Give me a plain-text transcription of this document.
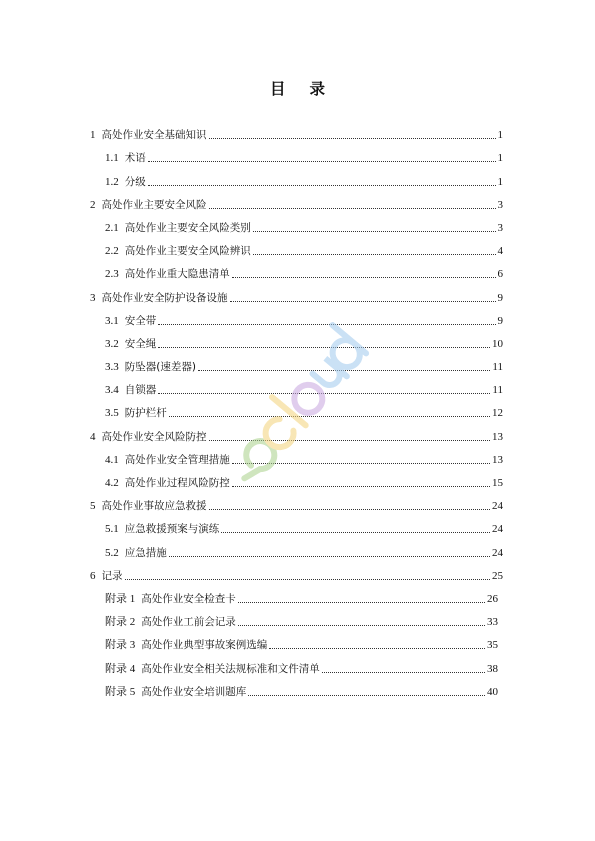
目 录
1 高处作业安全基础知识	1
1.1 术语	1
1.2 分级	1
2 高处作业主要安全风险	3
2.1 高处作业主要安全风险类别	3
2.2 高处作业主要安全风险辨识	4
2.3 高处作业重大隐患清单	6
3 高处作业安全防护设备设施	9
3.1 安全带	9
3.2 安全绳	10
3.3 防坠器(速差器)	11
3.4 自锁器	11
3.5 防护栏杆	12
4 高处作业安全风险防控	13
4.1 高处作业安全管理措施	13
4.2 高处作业过程风险防控	15
5 高处作业事故应急救援	24
5.1 应急救援预案与演练	24
5.2 应急措施	24
6 记录	25
附录 1 高处作业安全检查卡	26
附录 2 高处作业工前会记录	33
附录 3 高处作业典型事故案例选编	35
附录 4 高处作业安全相关法规标准和文件清单	38
附录 5 高处作业安全培训题库	40
